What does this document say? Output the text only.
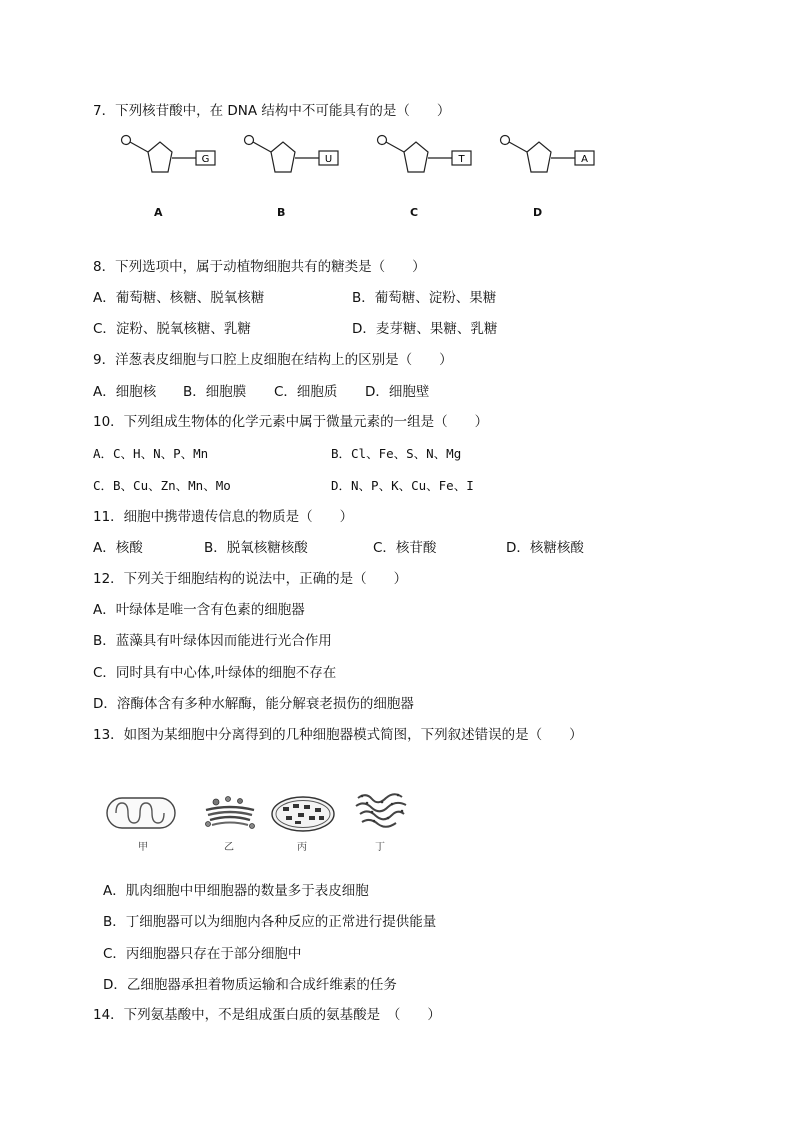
7．下列核苷酸中，在 DNA 结构中不可能具有的是（　　）
G	U	T	A
A	B	C	D
8．下列选项中，属于动植物细胞共有的糖类是（　　）
A．葡萄糖、核糖、脱氧核糖	B．葡萄糖、淀粉、果糖
C．淀粉、脱氧核糖、乳糖	D．麦芽糖、果糖、乳糖
9．洋葱表皮细胞与口腔上皮细胞在结构上的区别是（　　）
A．细胞核 B．细胞膜 C．细胞质 D．细胞壁
10．下列组成生物体的化学元素中属于微量元素的一组是（　　）
A．C、H、N、P、Mn	B．Cl、Fe、S、N、Mg
C．B、Cu、Zn、Mn、Mo	D．N、P、K、Cu、Fe、I
11．细胞中携带遗传信息的物质是（　　）
A．核酸	B．脱氧核糖核酸	C．核苷酸	D．核糖核酸
12．下列关于细胞结构的说法中，正确的是（　　）
A．叶绿体是唯一含有色素的细胞器
B．蓝藻具有叶绿体因而能进行光合作用
C．同时具有中心体,叶绿体的细胞不存在
D．溶酶体含有多种水解酶，能分解衰老损伤的细胞器
13．如图为某细胞中分离得到的几种细胞器模式简图，下列叙述错误的是（　　）
甲	乙	丙	丁
A．肌肉细胞中甲细胞器的数量多于表皮细胞
B．丁细胞器可以为细胞内各种反应的正常进行提供能量
C．丙细胞器只存在于部分细胞中
D．乙细胞器承担着物质运输和合成纤维素的任务
14．下列氨基酸中，不是组成蛋白质的氨基酸是　（　　）
